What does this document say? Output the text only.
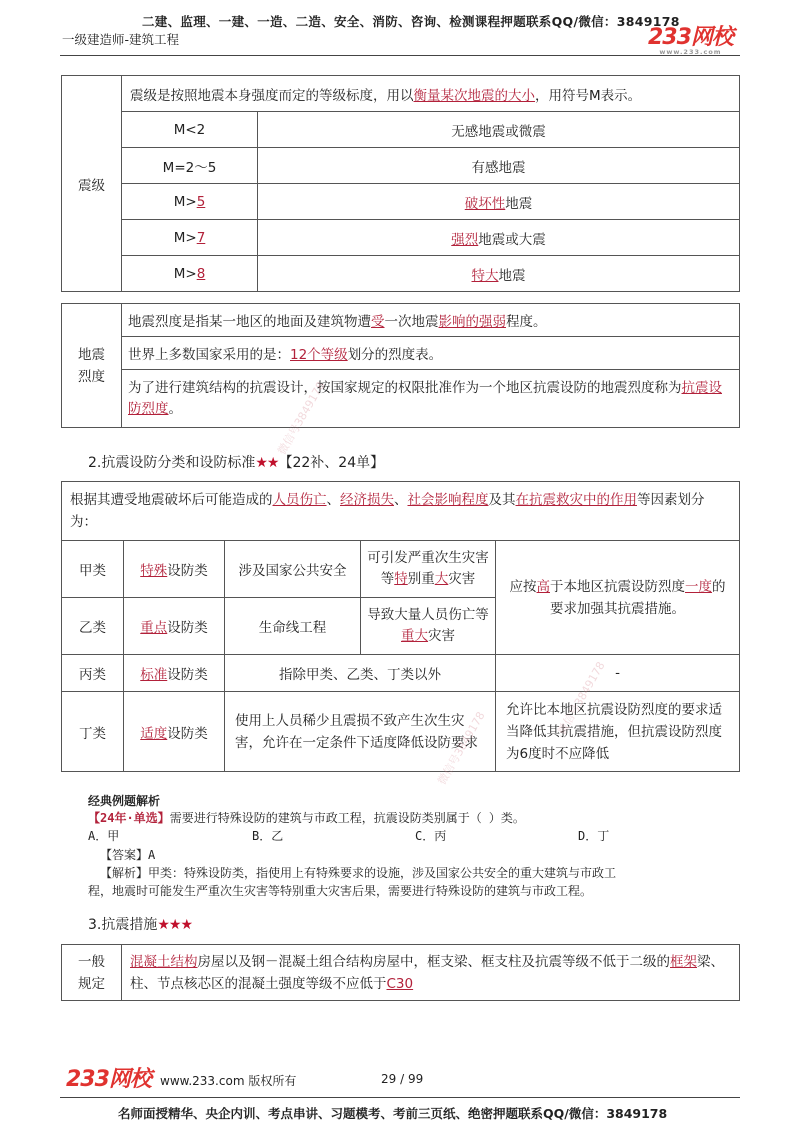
二建、监理、一建、一造、二造、安全、消防、咨询、检测课程押题联系QQ/微信：3849178
一级建造师-建筑工程	233网校
www.233.com
震级	震级是按照地震本身强度而定的等级标度，用以衡量某次地震的大小，用符号M表示。	
	M<2	无感地震或微震
	M=2～5	有感地震
	M>5	破坏性地震
	M>7	强烈地震或大震
	M>8	特大地震
地震
烈度	地震烈度是指某一地区的地面及建筑物遭受一次地震影响的强弱程度。
世界上多数国家采用的是：12个等级划分的烈度表。
为了进行建筑结构的抗震设计，按国家规定的权限批准作为一个地区抗震设防的地震烈度称为抗震设防烈度。
2.抗震设防分类和设防标准★★【22补、24单】
根据其遭受地震破坏后可能造成的人员伤亡、经济损失、社会影响程度及其在抗震救灾中的作用等因素划分为：				
甲类	特殊设防类	涉及国家公共安全	可引发严重次生灾害等特别重大灾害	应按高于本地区抗震设防烈度一度的要求加强其抗震措施。
乙类	重点设防类	生命线工程	导致大量人员伤亡等重大灾害	
丙类	标准设防类	指除甲类、乙类、丁类以外		-
丁类	适度设防类	使用上人员稀少且震损不致产生次生灾害，允许在一定条件下适度降低设防要求		允许比本地区抗震设防烈度的要求适当降低其抗震措施，但抗震设防烈度为6度时不应降低
经典例题解析
【24年·单选】需要进行特殊设防的建筑与市政工程，抗震设防类别属于（ ）类。
A．甲	B．乙	C．丙	D．丁
【答案】A
【解析】甲类：特殊设防类，指使用上有特殊要求的设施，涉及国家公共安全的重大建筑与市政工
程，地震时可能发生严重次生灾害等特别重大灾害后果，需要进行特殊设防的建筑与市政工程。
3.抗震措施★★★
一般
规定	混凝土结构房屋以及钢－混凝土组合结构房屋中，框支梁、框支柱及抗震等级不低于二级的框架梁、柱、节点核芯区的混凝土强度等级不应低于C30
微信号3849178
微信号3849178
微信号3849178
233网校 www.233.com 版权所有	29 / 99
名师面授精华、央企内训、考点串讲、习题模考、考前三页纸、绝密押题联系QQ/微信：3849178
